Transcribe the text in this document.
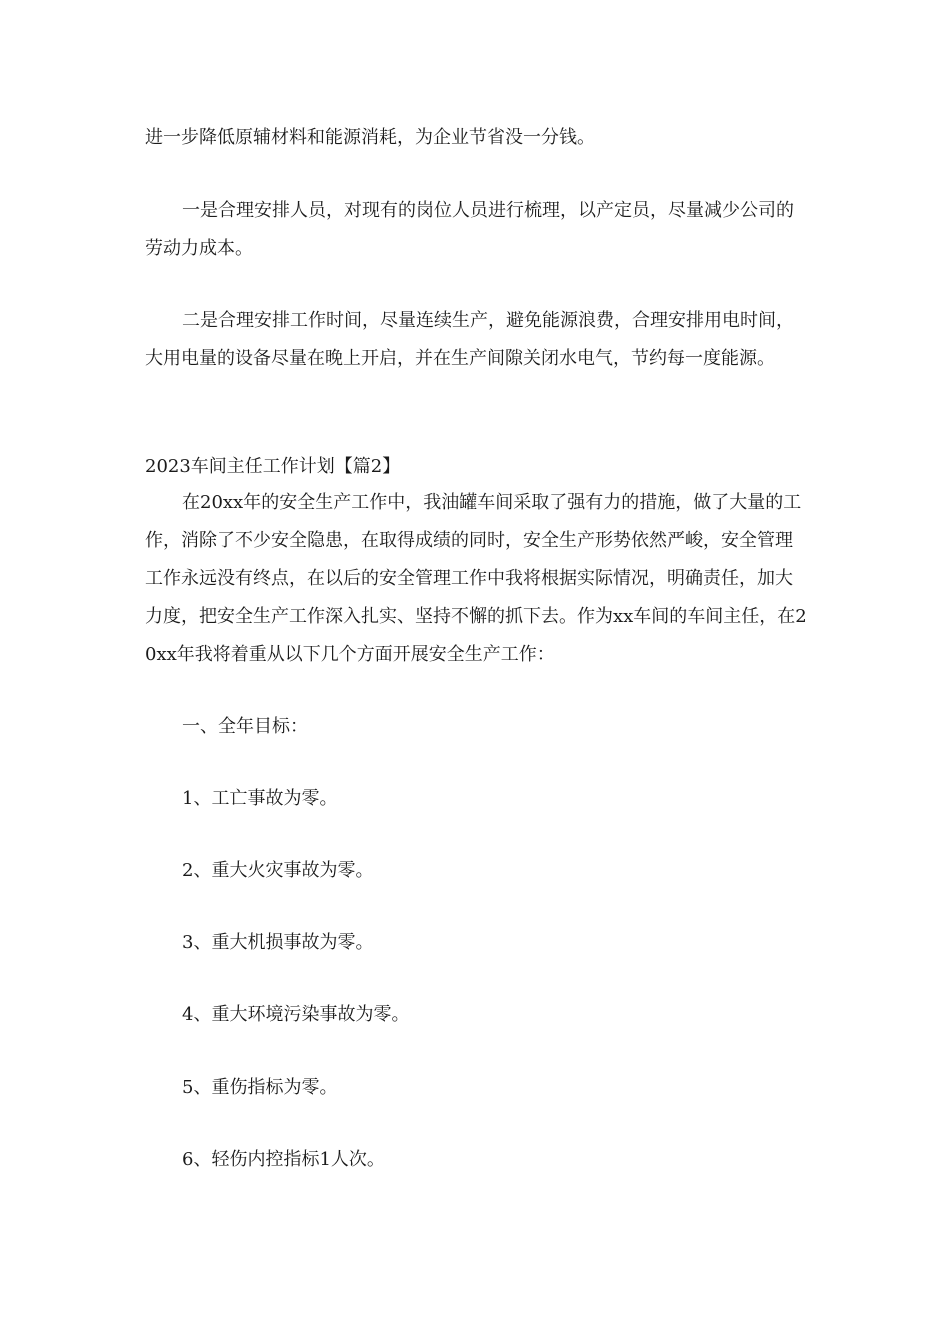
进一步降低原辅材料和能源消耗，为企业节省没一分钱。

一是合理安排人员，对现有的岗位人员进行梳理，以产定员，尽量减少公司的劳动力成本。

二是合理安排工作时间，尽量连续生产，避免能源浪费，合理安排用电时间，大用电量的设备尽量在晚上开启，并在生产间隙关闭水电气，节约每一度能源。

2023车间主任工作计划【篇2】

在20xx年的安全生产工作中，我油罐车间采取了强有力的措施，做了大量的工作，消除了不少安全隐患，在取得成绩的同时，安全生产形势依然严峻，安全管理工作永远没有终点，在以后的安全管理工作中我将根据实际情况，明确责任，加大力度，把安全生产工作深入扎实、坚持不懈的抓下去。作为xx车间的车间主任，在20xx年我将着重从以下几个方面开展安全生产工作：

一、全年目标：

1、工亡事故为零。

2、重大火灾事故为零。

3、重大机损事故为零。

4、重大环境污染事故为零。

5、重伤指标为零。

6、轻伤内控指标1人次。
